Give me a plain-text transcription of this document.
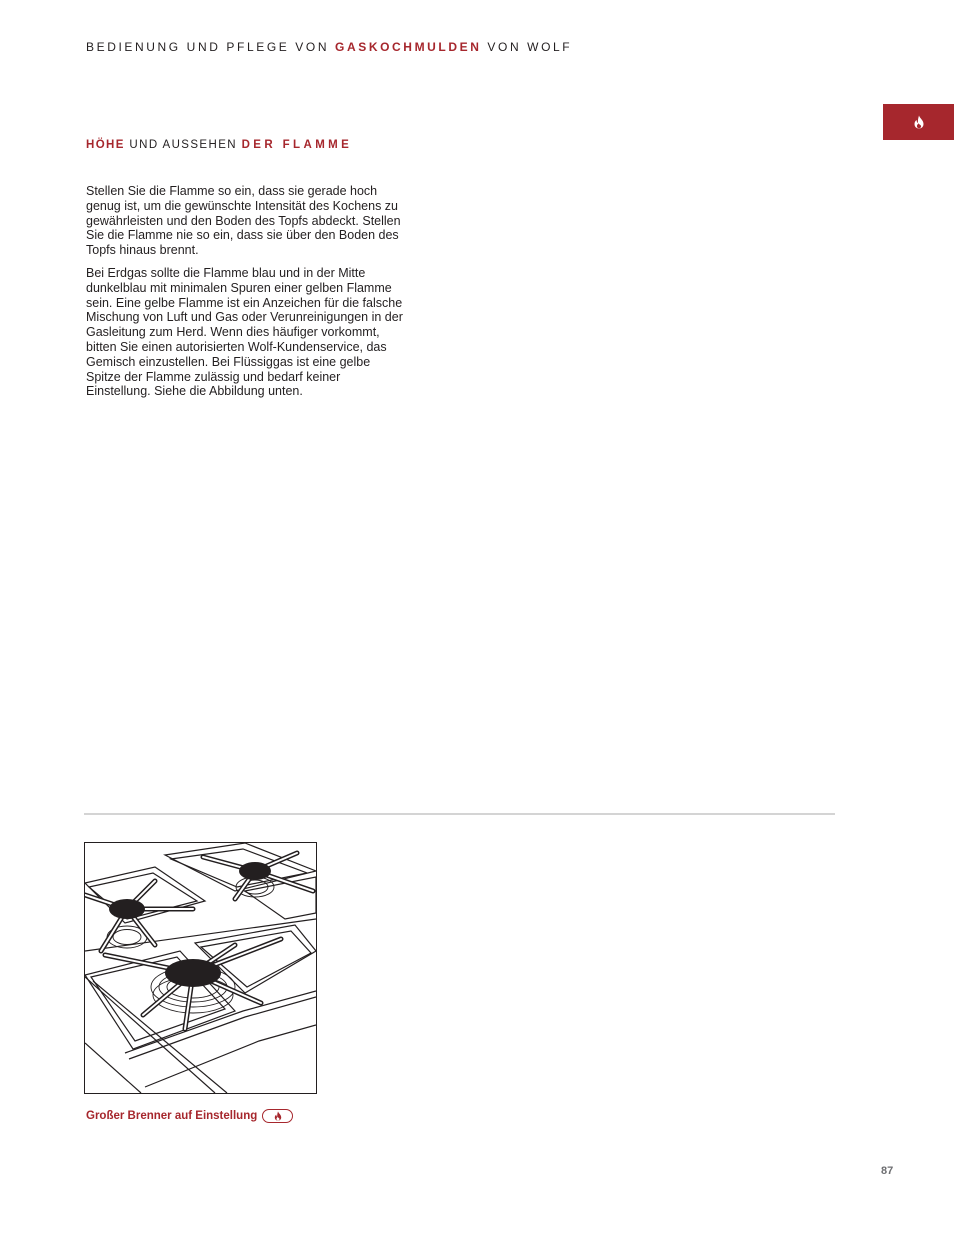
BEDIENUNG UND PFLEGE VON GASKOCHMULDEN VON WOLF
HÖHE UND AUSSEHEN DER FLAMME

Stellen Sie die Flamme so ein, dass sie gerade hoch genug ist, um die gewünschte Intensität des Kochens zu gewährleisten und den Boden des Topfs abdeckt. Stellen Sie die Flamme nie so ein, dass sie über den Boden des Topfs hinaus brennt.

Bei Erdgas sollte die Flamme blau und in der Mitte dunkelblau mit minimalen Spuren einer gelben Flamme sein. Eine gelbe Flamme ist ein Anzeichen für die falsche Mischung von Luft und Gas oder Verunreinigungen in der Gasleitung zum Herd. Wenn dies häufiger vorkommt, bitten Sie einen autorisierten Wolf-Kundenservice, das Gemisch einzustellen. Bei Flüssiggas ist eine gelbe Spitze der Flamme zulässig und bedarf keiner Einstellung. Siehe die Abbildung unten.

Großer Brenner auf Einstellung
87
